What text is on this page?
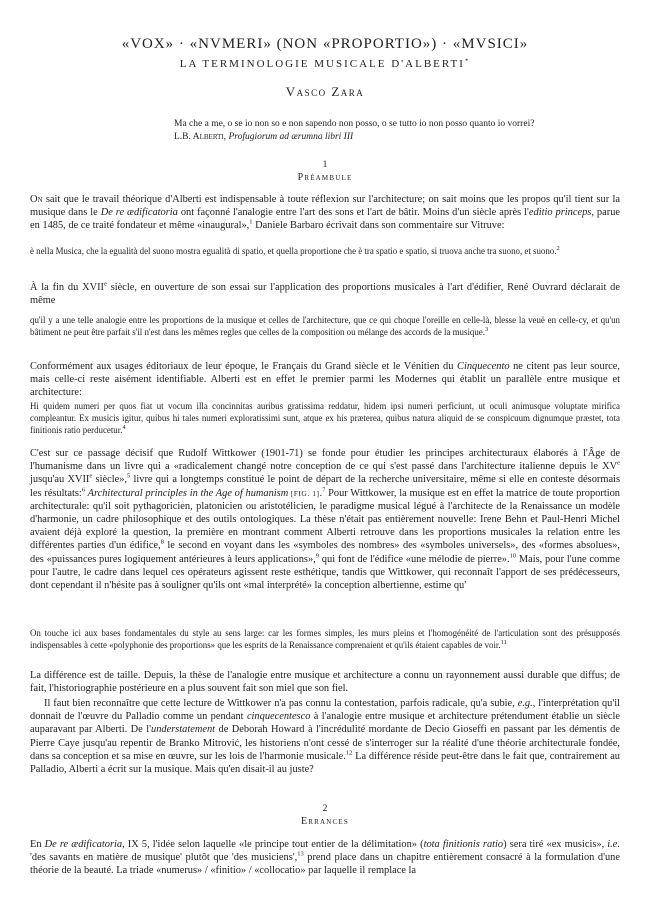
«VOX» · «NVMERI» (NON «PROPORTIO») · «MVSICI»
LA TERMINOLOGIE MUSICALE D'ALBERTI*
Vasco Zara
Ma che a me, o se io non so e non sapendo non posso, o se tutto io non posso quanto io vorrei?
L.B. Alberti, Profugiorum ad ærumna libri III
1
Préambule
On sait que le travail théorique d'Alberti est indispensable à toute réflexion sur l'architecture; on sait moins que les propos qu'il tient sur la musique dans le De re ædificatoria ont façonné l'analogie entre l'art des sons et l'art de bâtir. Moins d'un siècle après l'editio princeps, parue en 1485, de ce traité fondateur et même «inaugural»,$^1$ Daniele Barbaro écrivait dans son commentaire sur Vitruve:
è nella Musica, che la egualità del suono mostra egualità di spatio, et quella proportione che è tra spatio e spatio, si truova anche tra suono, et suono.$^2$
À la fin du XVIIe siècle, en ouverture de son essai sur l'application des proportions musicales à l'art d'édifier, René Ouvrard déclarait de même
qu'il y a une telle analogie entre les proportions de la musique et celles de l'architecture, que ce qui choque l'oreille en celle-là, blesse la veuë en celle-cy, et qu'un bâtiment ne peut être parfait s'il n'est dans les mêmes regles que celles de la composition ou mélange des accords de la musique.$^3$
Conformément aux usages éditoriaux de leur époque, le Français du Grand siècle et le Vénitien du Cinquecento ne citent pas leur source, mais celle-ci reste aisément identifiable. Alberti est en effet le premier parmi les Modernes qui établit un parallèle entre musique et architecture:
Hi quidem numeri per quos fiat ut vocum illa concinnitas auribus gratissima reddatur, hidem ipsi numeri perficiunt, ut oculi animusque voluptate mirifica compleantur. Ex musicis igitur, quibus hi tales numeri exploratissimi sunt, atque ex his præterea, quibus natura aliquid de se conspicuum dignumque præstet, tota finitionis ratio perducetur.$^4$
C'est sur ce passage décisif que Rudolf Wittkower (1901-71) se fonde pour étudier les principes architecturaux élaborés à l'Âge de l'humanisme dans un livre qui a «radicalement changé notre conception de ce qui s'est passé dans l'architecture italienne depuis le XVe jusqu'au XVIIe siècle»,$^5$ livre qui a longtemps constitué le point de départ de la recherche universitaire, même si elle en conteste désormais les résultats:$^6$ Architectural principles in the Age of humanism [FIG. 1].$^7$ Pour Wittkower, la musique est en effet la matrice de toute proportion architecturale: qu'il soit pythagoricien, platonicien ou aristotélicien, le paradigme musical légué à l'architecte de la Renaissance un modèle d'harmonie, un cadre philosophique et des outils ontologiques. La thèse n'était pas entièrement nouvelle: Irene Behn et Paul-Henri Michel avaient déjà exploré la question, la première en montrant comment Alberti retrouve dans les proportions musicales la relation entre les différentes parties d'un édifice,$^8$ le second en voyant dans les «symboles des nombres» des «symboles universels», des «formes absolues», des «puissances pures logiquement antérieures à leurs applications»,$^9$ qui font de l'édifice «une mélodie de pierre».$^{10}$ Mais, pour l'une comme pour l'autre, le cadre dans lequel ces opérateurs agissent reste esthétique, tandis que Wittkower, qui reconnaît l'apport de ses prédécesseurs, dont cependant il n'hésite pas à souligner qu'ils ont «mal interprété» la conception albertienne, estime qu'
On touche ici aux bases fondamentales du style au sens large: car les formes simples, les murs pleins et l'homogénéité de l'articulation sont des présupposés indispensables à cette «polyphonie des proportions» que les esprits de la Renaissance comprenaient et qu'ils étaient capables de voir.$^{11}$
La différence est de taille. Depuis, la thèse de l'analogie entre musique et architecture a connu un rayonnement aussi durable que diffus; de fait, l'historiographie postérieure en a plus souvent fait son miel que son fiel.
Il faut bien reconnaître que cette lecture de Wittkower n'a pas connu la contestation, parfois radicale, qu'a subie, e.g., l'interprétation qu'il donnait de l'œuvre du Palladio comme un pendant cinquecentesco à l'analogie entre musique et architecture prétendument établie un siècle auparavant par Alberti. De l'understatement de Deborah Howard à l'incrédulité mordante de Decio Gioseffi en passant par les démentis de Pierre Caye jusqu'au repentir de Branko Mitrović, les historiens n'ont cessé de s'interroger sur la réalité d'une théorie architecturale fondée, dans sa conception et sa mise en œuvre, sur les lois de l'harmonie musicale.$^{12}$ La différence réside peut-être dans le fait que, contrairement au Palladio, Alberti a écrit sur la musique. Mais qu'en disait-il au juste?
2
Errances
En De re ædificatoria, IX 5, l'idée selon laquelle «le principe tout entier de la délimitation» (tota finitionis ratio) sera tiré «ex musicis», i.e. 'des savants en matière de musique' plutôt que 'des musiciens',$^{13}$ prend place dans un chapitre entièrement consacré à la formulation d'une théorie de la beauté. La triade «numerus» / «finitio» / «collocatio» par laquelle il remplace la
